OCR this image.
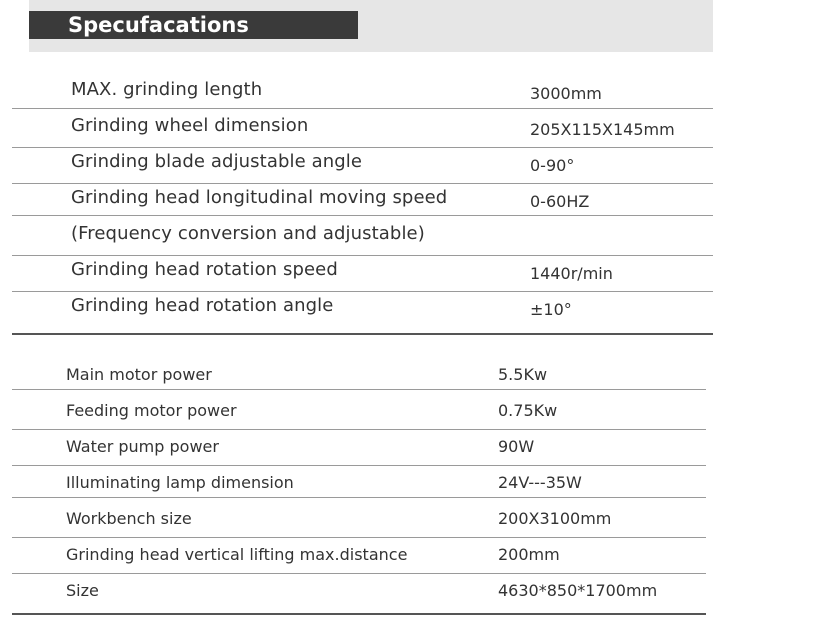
Specufacations
MAX. grinding length	3000mm
Grinding wheel dimension	205X115X145mm
Grinding blade adjustable angle	0-90°
Grinding head longitudinal moving speed	0-60HZ
(Frequency conversion and adjustable)
Grinding head rotation speed	1440r/min
Grinding head rotation angle	±10°
Main motor power	5.5Kw
Feeding motor power	0.75Kw
Water pump power	90W
Illuminating lamp dimension	24V---35W
Workbench size	200X3100mm
Grinding head vertical lifting max.distance	200mm
Size	4630*850*1700mm
